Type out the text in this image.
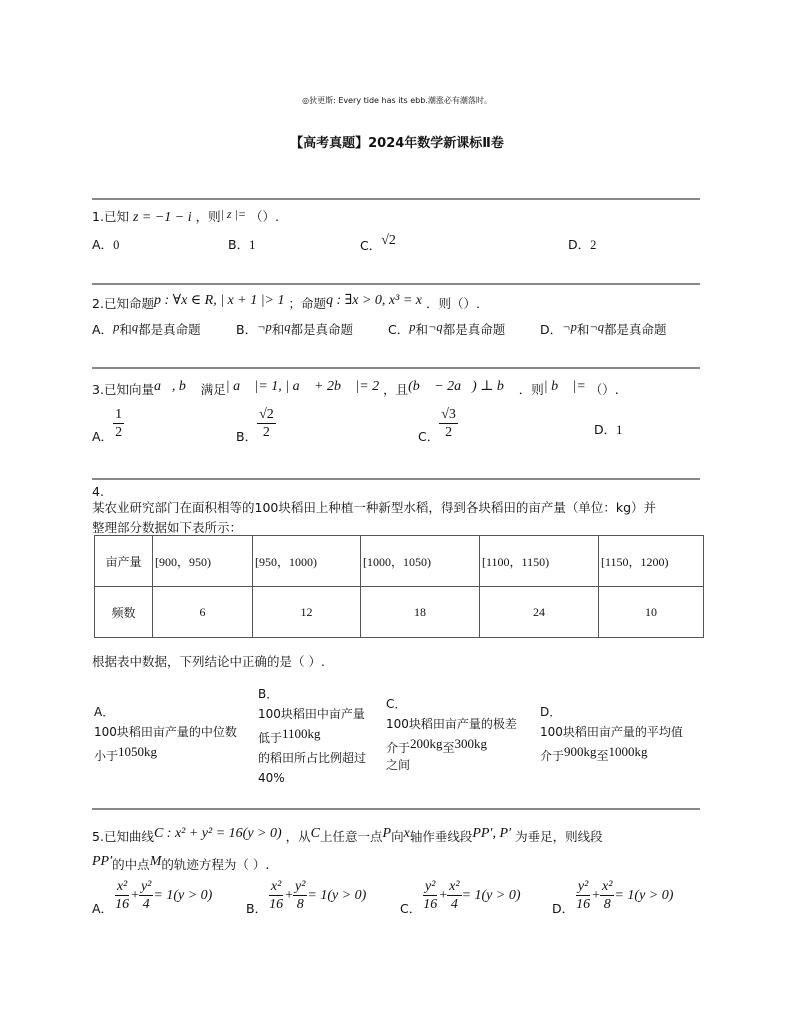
◎狄更斯: Every tide has its ebb.潮涨必有潮落时。
【高考真题】2024年数学新课标Ⅱ卷
1.已知 z = −1 − i ，则| z |= （）.
A．0	B．1	C．√2	D．2
2.已知命题p : ∀x ∈ R, | x + 1 |> 1 ；命题q : ∃x > 0, x³ = x ．则（）.
A．p和q都是真命题	B．¬p和q都是真命题	C．p和¬q都是真命题	D．¬p和¬q都是真命题
3.已知向量a⃗, b⃗ 满足| a⃗ |= 1, | a⃗ + 2b⃗ |= 2 ，且(b⃗ − 2a⃗) ⊥ b⃗ ．则| b⃗ |= （）.
A． $\frac{1}{2}$	B． $\frac{√2}{2}$	C． $\frac{√3}{2}$	D．1
4.
某农业研究部门在面积相等的100块稻田上种植一种新型水稻，得到各块稻田的亩产量（单位：kg）并
整理部分数据如下表所示：
亩产量	[900，950)	[950，1000)	[1000，1050)	[1100，1150)	[1150，1200)
频数	6	12	18	24	10
根据表中数据，下列结论中正确的是（ ）.
A．
100块稻田亩产量的中位数
小于1050kg
B．
100块稻田中亩产量
低于1100kg
的稻田所占比例超过
40%
C．
100块稻田亩产量的极差
介于200kg至300kg
之间
D．
100块稻田亩产量的平均值
介于900kg至1000kg
5.已知曲线C : x² + y² = 16(y > 0) ，从C上任意一点P向x轴作垂线段PP′, P′ 为垂足，则线段
PP′的中点M的轨迹方程为（ ）.
A． $\frac{\text{x²}}{16} + \frac{\text{y²}}{4} = 1(y > 0)$
B． $\frac{\text{x²}}{16} + \frac{\text{y²}}{8} = 1(y > 0)$
C． $\frac{\text{y²}}{16} + \frac{\text{x²}}{4} = 1(y > 0)$
D． $\frac{\text{y²}}{16} + \frac{\text{x²}}{8} = 1(y > 0)$
